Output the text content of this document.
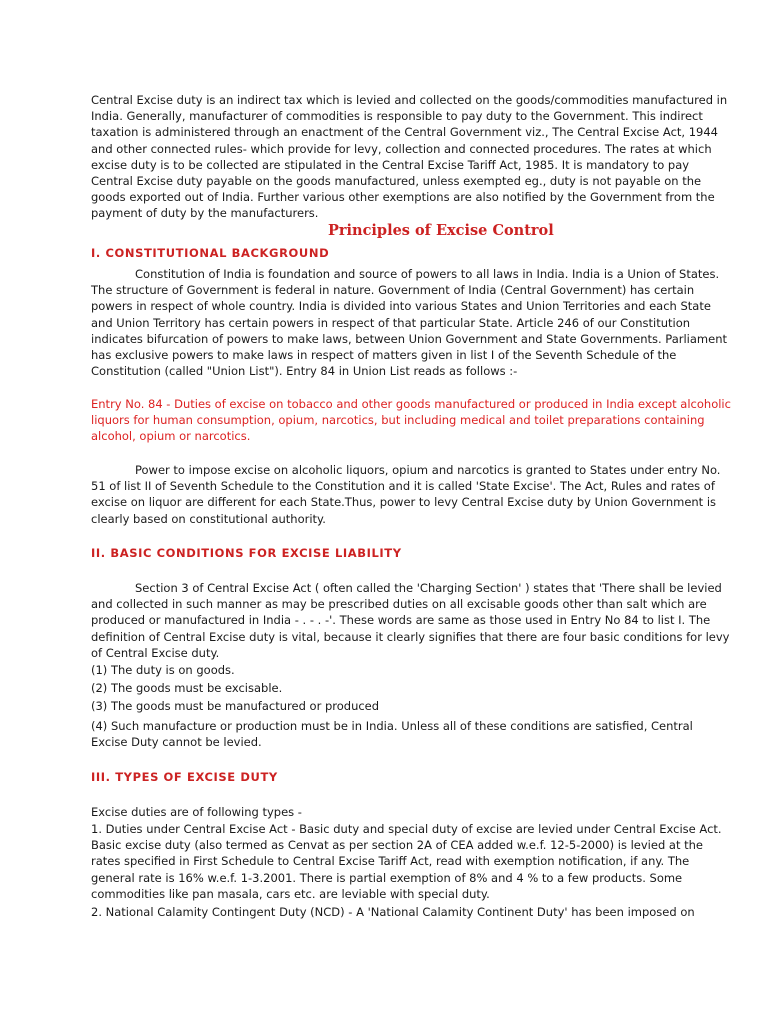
Central Excise duty is an indirect tax which is levied and collected on the goods/commodities manufactured in
India. Generally, manufacturer of commodities is responsible to pay duty to the Government. This indirect
taxation is administered through an enactment of the Central Government viz., The Central Excise Act, 1944
and other connected rules- which provide for levy, collection and connected procedures. The rates at which
excise duty is to be collected are stipulated in the Central Excise Tariff Act, 1985. It is mandatory to pay
Central Excise duty payable on the goods manufactured, unless exempted eg., duty is not payable on the
goods exported out of India. Further various other exemptions are also notified by the Government from the
payment of duty by the manufacturers.
Principles of Excise Control
I. CONSTITUTIONAL BACKGROUND
Constitution of India is foundation and source of powers to all laws in India. India is a Union of States.
The structure of Government is federal in nature. Government of India (Central Government) has certain
powers in respect of whole country. India is divided into various States and Union Territories and each State
and Union Territory has certain powers in respect of that particular State. Article 246 of our Constitution
indicates bifurcation of powers to make laws, between Union Government and State Governments. Parliament
has exclusive powers to make laws in respect of matters given in list I of the Seventh Schedule of the
Constitution (called "Union List"). Entry 84 in Union List reads as follows :-
Entry No. 84 - Duties of excise on tobacco and other goods manufactured or produced in India except alcoholic
liquors for human consumption, opium, narcotics, but including medical and toilet preparations containing
alcohol, opium or narcotics.
Power to impose excise on alcoholic liquors, opium and narcotics is granted to States under entry No.
51 of list II of Seventh Schedule to the Constitution and it is called 'State Excise'. The Act, Rules and rates of
excise on liquor are different for each State.Thus, power to levy Central Excise duty by Union Government is
clearly based on constitutional authority.
II. BASIC CONDITIONS FOR EXCISE LIABILITY
Section 3 of Central Excise Act ( often called the 'Charging Section' ) states that 'There shall be levied
and collected in such manner as may be prescribed duties on all excisable goods other than salt which are
produced or manufactured in India - . - . -'. These words are same as those used in Entry No 84 to list I. The
definition of Central Excise duty is vital, because it clearly signifies that there are four basic conditions for levy
of Central Excise duty.
(1) The duty is on goods.
(2) The goods must be excisable.
(3) The goods must be manufactured or produced
(4) Such manufacture or production must be in India. Unless all of these conditions are satisfied, Central
Excise Duty cannot be levied.
III. TYPES OF EXCISE DUTY
Excise duties are of following types -
1. Duties under Central Excise Act - Basic duty and special duty of excise are levied under Central Excise Act.
Basic excise duty (also termed as Cenvat as per section 2A of CEA added w.e.f. 12-5-2000) is levied at the
rates specified in First Schedule to Central Excise Tariff Act, read with exemption notification, if any. The
general rate is 16% w.e.f. 1-3.2001. There is partial exemption of 8% and 4 % to a few products. Some
commodities like pan masala, cars etc. are leviable with special duty.
2. National Calamity Contingent Duty (NCD) - A 'National Calamity Continent Duty' has been imposed on
